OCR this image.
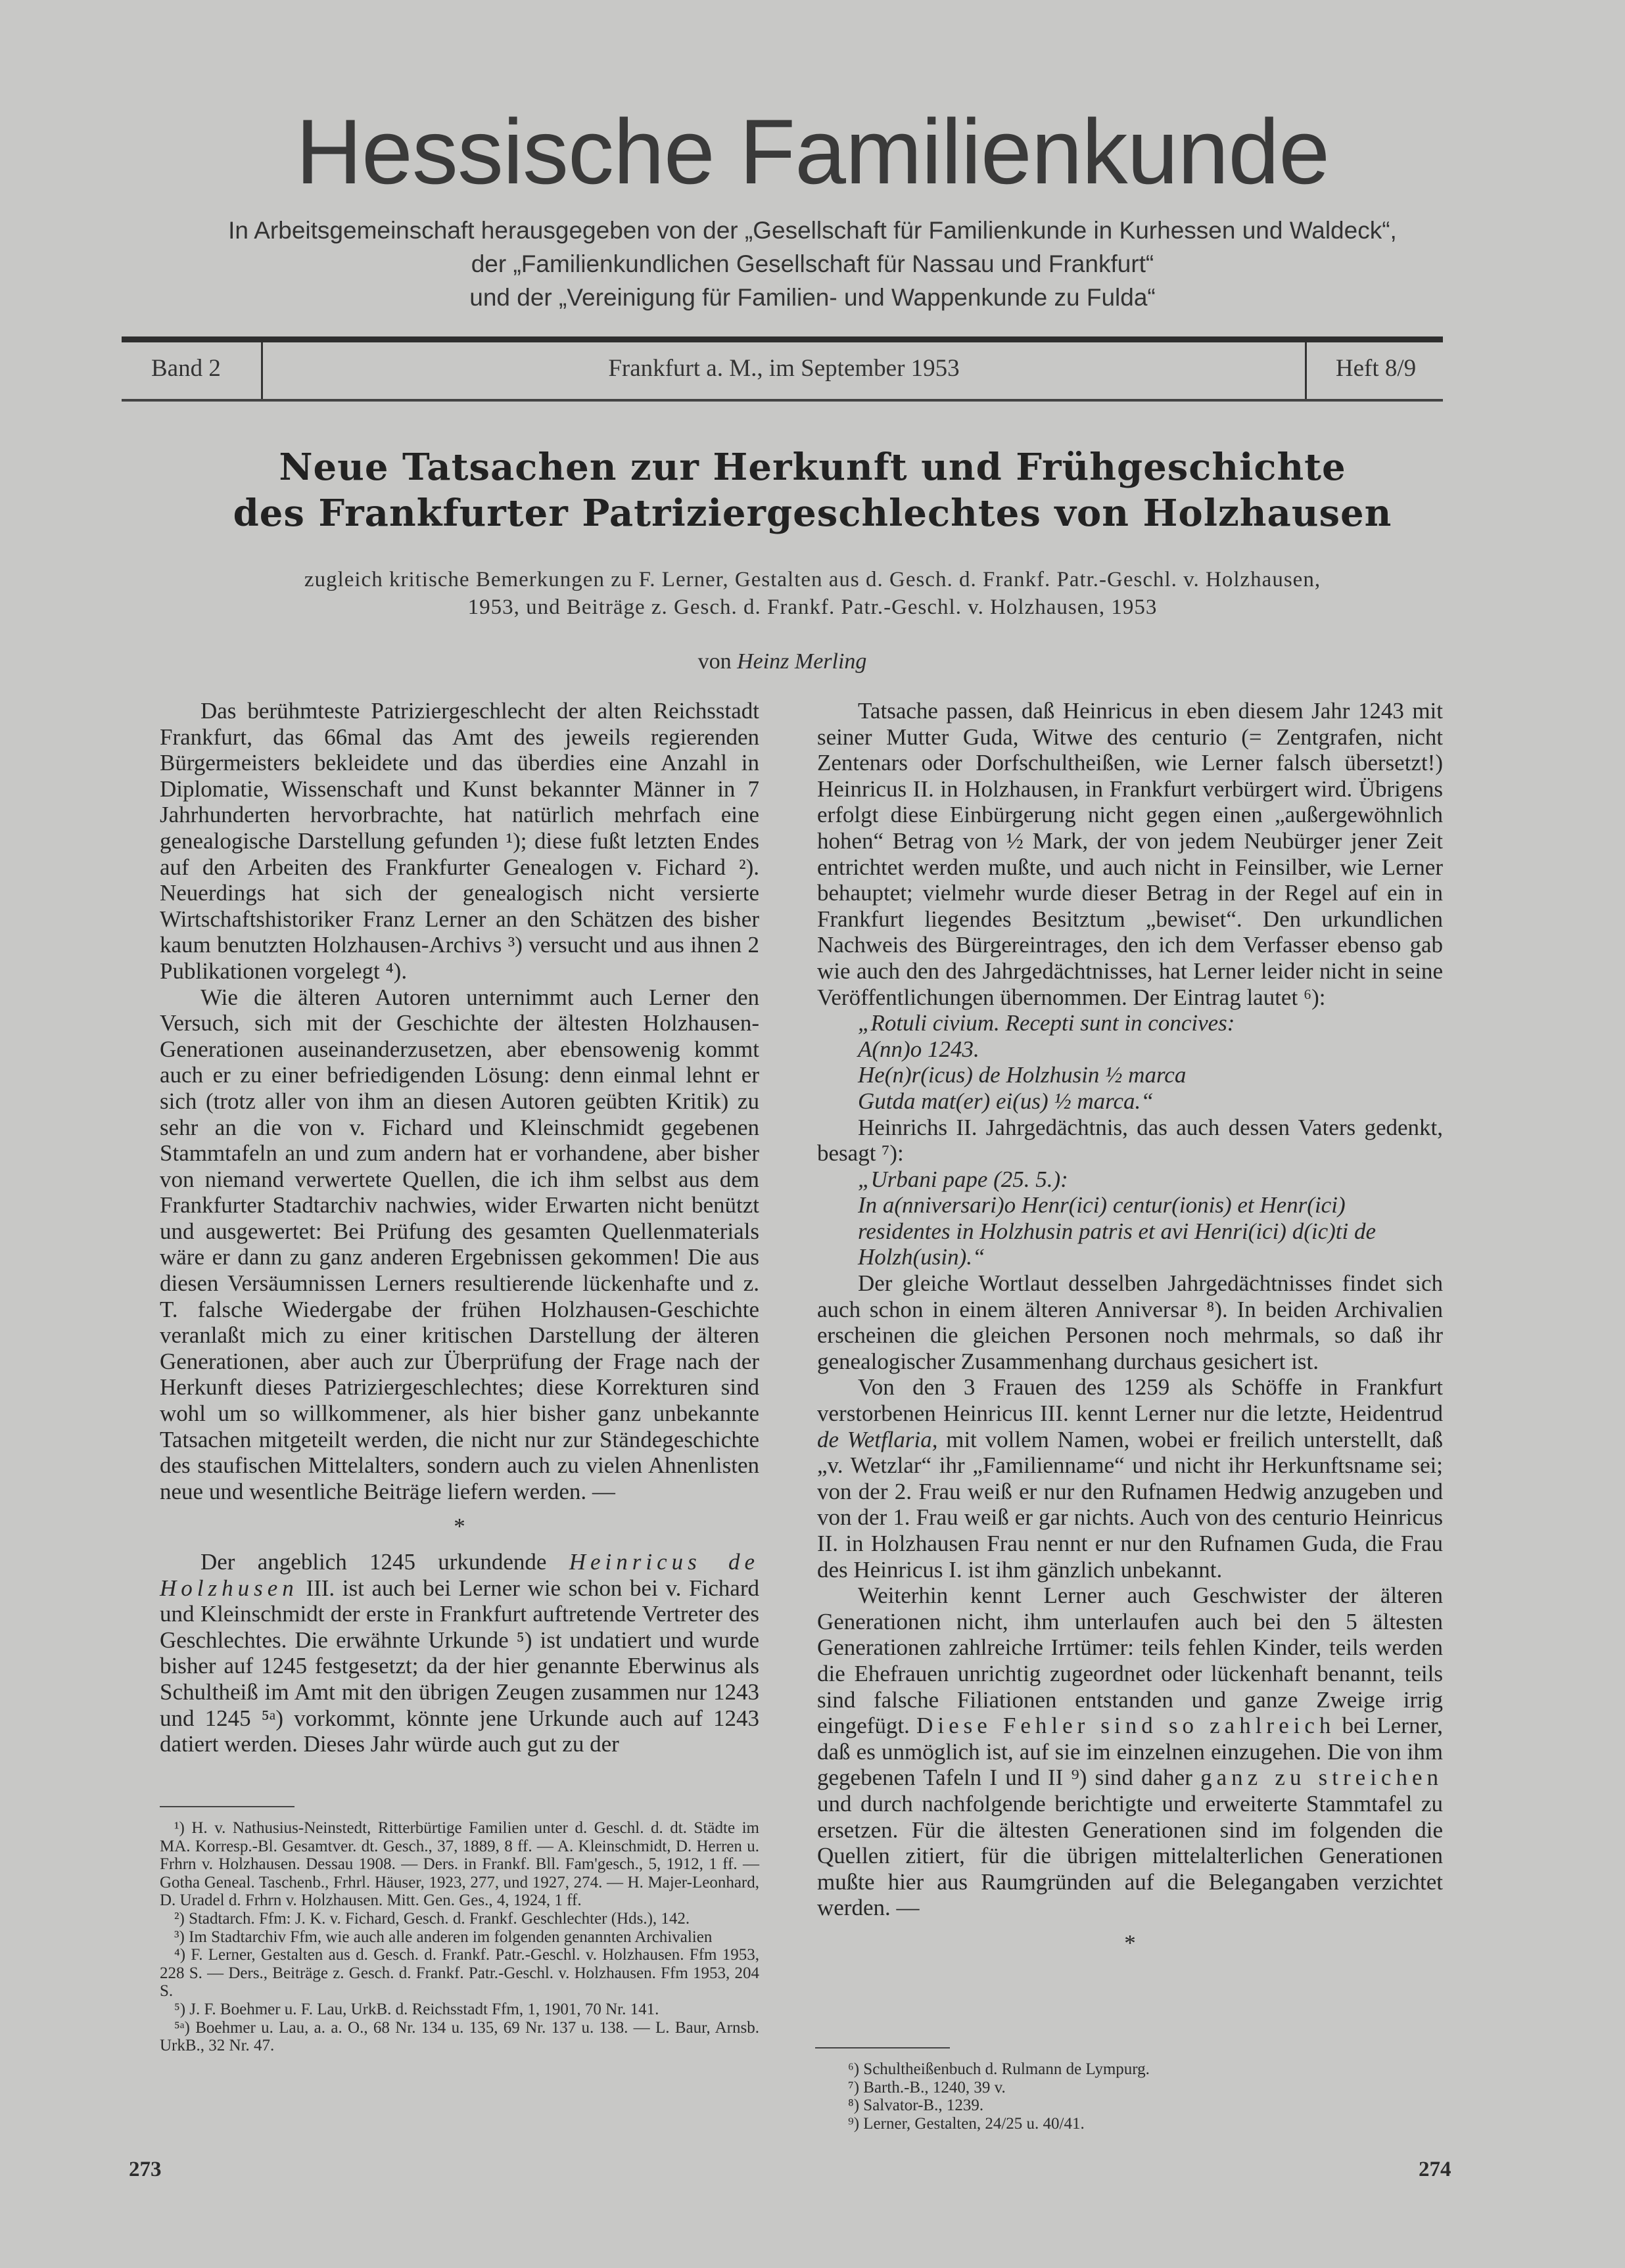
Hessische Familienkunde
In Arbeitsgemeinschaft herausgegeben von der „Gesellschaft für Familienkunde in Kurhessen und Waldeck“,
der „Familienkundlichen Gesellschaft für Nassau und Frankfurt“
und der „Vereinigung für Familien- und Wappenkunde zu Fulda“
Band 2	Frankfurt a. M., im September 1953	Heft 8/9
Neue Tatsachen zur Herkunft und Frühgeschichte
des Frankfurter Patriziergeschlechtes von Holzhausen
zugleich kritische Bemerkungen zu F. Lerner, Gestalten aus d. Gesch. d. Frankf. Patr.-Geschl. v. Holzhausen,
1953, und Beiträge z. Gesch. d. Frankf. Patr.-Geschl. v. Holzhausen, 1953
von Heinz Merling

Das berühmteste Patriziergeschlecht der alten Reichsstadt Frankfurt, das 66mal das Amt des jeweils regierenden Bürgermeisters bekleidete und das überdies eine Anzahl in Diplomatie, Wissenschaft und Kunst bekannter Männer in 7 Jahrhunderten hervorbrachte, hat natürlich mehrfach eine genealogische Darstellung gefunden ¹); diese fußt letzten Endes auf den Arbeiten des Frankfurter Genealogen v. Fichard ²). Neuerdings hat sich der genealogisch nicht versierte Wirtschaftshistoriker Franz Lerner an den Schätzen des bisher kaum benutzten Holzhausen-Archivs ³) versucht und aus ihnen 2 Publikationen vorgelegt ⁴).

Wie die älteren Autoren unternimmt auch Lerner den Versuch, sich mit der Geschichte der ältesten Holzhausen-Generationen auseinanderzusetzen, aber ebensowenig kommt auch er zu einer befriedigenden Lösung: denn einmal lehnt er sich (trotz aller von ihm an diesen Autoren geübten Kritik) zu sehr an die von v. Fichard und Kleinschmidt gegebenen Stammtafeln an und zum andern hat er vorhandene, aber bisher von niemand verwertete Quellen, die ich ihm selbst aus dem Frankfurter Stadtarchiv nachwies, wider Erwarten nicht benützt und ausgewertet: Bei Prüfung des gesamten Quellenmaterials wäre er dann zu ganz anderen Ergebnissen gekommen! Die aus diesen Versäumnissen Lerners resultierende lückenhafte und z. T. falsche Wiedergabe der frühen Holzhausen-Geschichte veranlaßt mich zu einer kritischen Darstellung der älteren Generationen, aber auch zur Überprüfung der Frage nach der Herkunft dieses Patriziergeschlechtes; diese Korrekturen sind wohl um so willkommener, als hier bisher ganz unbekannte Tatsachen mitgeteilt werden, die nicht nur zur Ständegeschichte des staufischen Mittelalters, sondern auch zu vielen Ahnenlisten neue und wesentliche Beiträge liefern werden. —

*

Der angeblich 1245 urkundende Heinricus de Holzhusen III. ist auch bei Lerner wie schon bei v. Fichard und Kleinschmidt der erste in Frankfurt auftretende Vertreter des Geschlechtes. Die erwähnte Urkunde ⁵) ist undatiert und wurde bisher auf 1245 festgesetzt; da der hier genannte Eberwinus als Schultheiß im Amt mit den übrigen Zeugen zusammen nur 1243 und 1245 ⁵ᵃ) vorkommt, könnte jene Urkunde auch auf 1243 datiert werden. Dieses Jahr würde auch gut zu der

Tatsache passen, daß Heinricus in eben diesem Jahr 1243 mit seiner Mutter Guda, Witwe des centurio (= Zentgrafen, nicht Zentenars oder Dorfschultheißen, wie Lerner falsch übersetzt!) Heinricus II. in Holzhausen, in Frankfurt verbürgert wird. Übrigens erfolgt diese Einbürgerung nicht gegen einen „außergewöhnlich hohen“ Betrag von ½ Mark, der von jedem Neubürger jener Zeit entrichtet werden mußte, und auch nicht in Feinsilber, wie Lerner behauptet; vielmehr wurde dieser Betrag in der Regel auf ein in Frankfurt liegendes Besitztum „bewiset“. Den urkundlichen Nachweis des Bürgereintrages, den ich dem Verfasser ebenso gab wie auch den des Jahrgedächtnisses, hat Lerner leider nicht in seine Veröffentlichungen übernommen. Der Eintrag lautet ⁶):

„Rotuli civium. Recepti sunt in concives:
A(nn)o 1243.
He(n)r(icus) de Holzhusin ½ marca
Gutda mat(er) ei(us) ½ marca.“

Heinrichs II. Jahrgedächtnis, das auch dessen Vaters gedenkt, besagt ⁷):

„Urbani pape (25. 5.):
In a(nniversari)o Henr(ici) centur(ionis) et Henr(ici) residentes in Holzhusin patris et avi Henri(ici) d(ic)ti de Holzh(usin).“

Der gleiche Wortlaut desselben Jahrgedächtnisses findet sich auch schon in einem älteren Anniversar ⁸). In beiden Archivalien erscheinen die gleichen Personen noch mehrmals, so daß ihr genealogischer Zusammenhang durchaus gesichert ist.

Von den 3 Frauen des 1259 als Schöffe in Frankfurt verstorbenen Heinricus III. kennt Lerner nur die letzte, Heidentrud de Wetflaria, mit vollem Namen, wobei er freilich unterstellt, daß „v. Wetzlar“ ihr „Familienname“ und nicht ihr Herkunftsname sei; von der 2. Frau weiß er nur den Rufnamen Hedwig anzugeben und von der 1. Frau weiß er gar nichts. Auch von des centurio Heinricus II. in Holzhausen Frau nennt er nur den Rufnamen Guda, die Frau des Heinricus I. ist ihm gänzlich unbekannt.

Weiterhin kennt Lerner auch Geschwister der älteren Generationen nicht, ihm unterlaufen auch bei den 5 ältesten Generationen zahlreiche Irrtümer: teils fehlen Kinder, teils werden die Ehefrauen unrichtig zugeordnet oder lückenhaft benannt, teils sind falsche Filiationen entstanden und ganze Zweige irrig eingefügt. Diese Fehler sind so zahlreich bei Lerner, daß es unmöglich ist, auf sie im einzelnen einzugehen. Die von ihm gegebenen Tafeln I und II ⁹) sind daher ganz zu streichen und durch nachfolgende berichtigte und erweiterte Stammtafel zu ersetzen. Für die ältesten Generationen sind im folgenden die Quellen zitiert, für die übrigen mittelalterlichen Generationen mußte hier aus Raumgründen auf die Belegangaben verzichtet werden. —

*

¹) H. v. Nathusius-Neinstedt, Ritterbürtige Familien unter d. Geschl. d. dt. Städte im MA. Korresp.-Bl. Gesamtver. dt. Gesch., 37, 1889, 8 ff. — A. Kleinschmidt, D. Herren u. Frhrn v. Holzhausen. Dessau 1908. — Ders. in Frankf. Bll. Fam'gesch., 5, 1912, 1 ff. — Gotha Geneal. Taschenb., Frhrl. Häuser, 1923, 277, und 1927, 274. — H. Majer-Leonhard, D. Uradel d. Frhrn v. Holzhausen. Mitt. Gen. Ges., 4, 1924, 1 ff.
²) Stadtarch. Ffm: J. K. v. Fichard, Gesch. d. Frankf. Geschlechter (Hds.), 142.
³) Im Stadtarchiv Ffm, wie auch alle anderen im folgenden genannten Archivalien
⁴) F. Lerner, Gestalten aus d. Gesch. d. Frankf. Patr.-Geschl. v. Holzhausen. Ffm 1953, 228 S. — Ders., Beiträge z. Gesch. d. Frankf. Patr.-Geschl. v. Holzhausen. Ffm 1953, 204 S.
⁵) J. F. Boehmer u. F. Lau, UrkB. d. Reichsstadt Ffm, 1, 1901, 70 Nr. 141.
⁵ᵃ) Boehmer u. Lau, a. a. O., 68 Nr. 134 u. 135, 69 Nr. 137 u. 138. — L. Baur, Arnsb. UrkB., 32 Nr. 47.
⁶) Schultheißenbuch d. Rulmann de Lympurg.
⁷) Barth.-B., 1240, 39 v.
⁸) Salvator-B., 1239.
⁹) Lerner, Gestalten, 24/25 u. 40/41.
273	274
